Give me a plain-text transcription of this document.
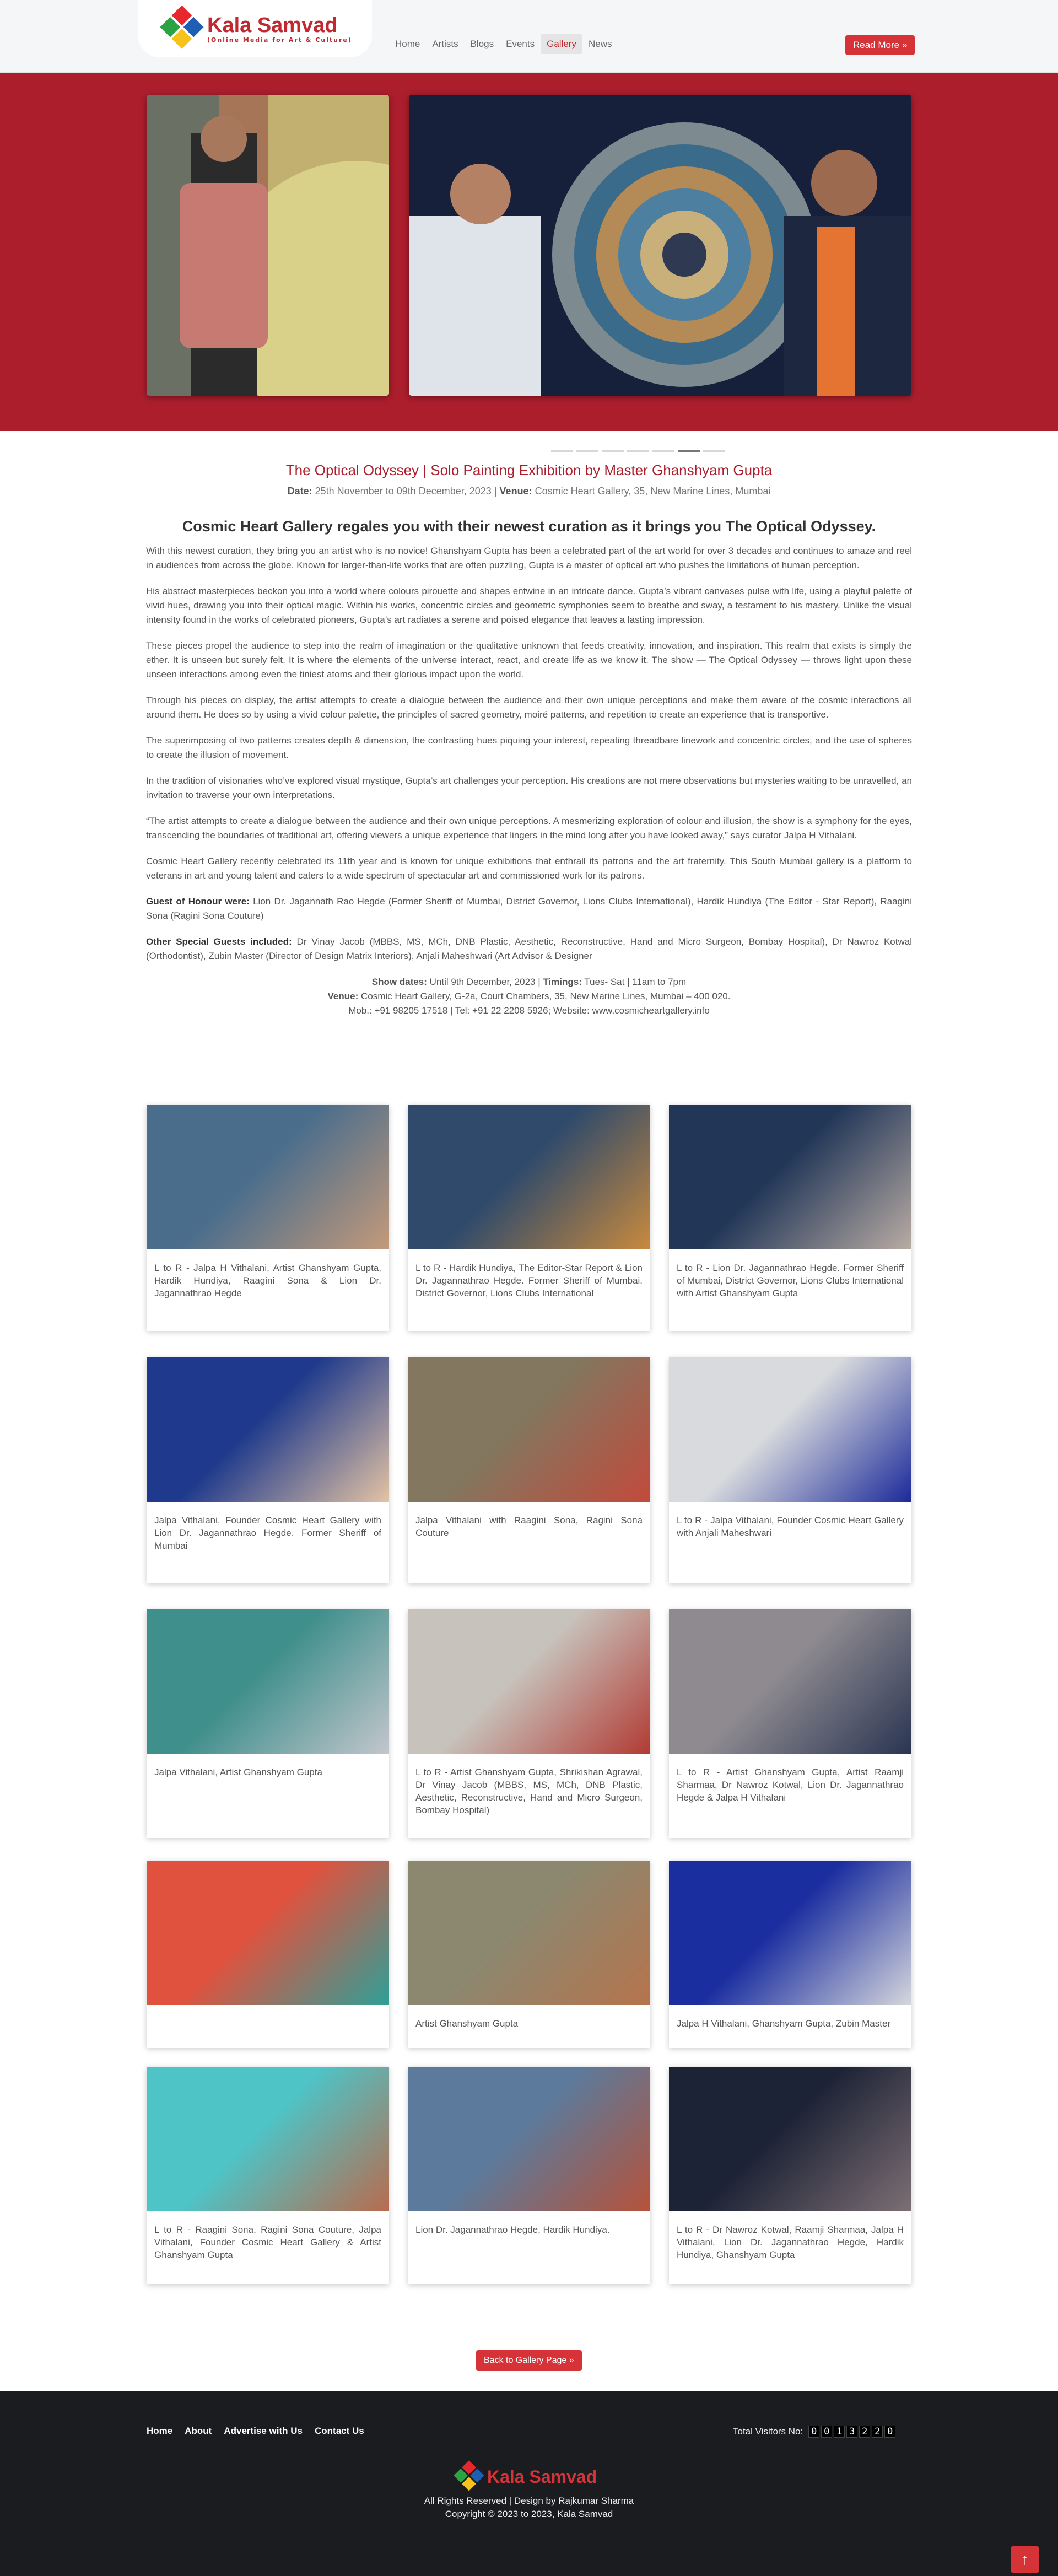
Kala Samvad
(Online Media for Art & Culture)	Home	Artists	Blogs	Events	Gallery	News	Read More »
The Optical Odyssey | Solo Painting Exhibition by Master Ghanshyam Gupta
Date: 25th November to 09th December, 2023 | Venue: Cosmic Heart Gallery, 35, New Marine Lines, Mumbai
Cosmic Heart Gallery regales you with their newest curation as it brings you The Optical Odyssey.

With this newest curation, they bring you an artist who is no novice! Ghanshyam Gupta has been a celebrated part of the art world for over 3 decades and continues to amaze and reel in audiences from across the globe. Known for larger-than-life works that are often puzzling, Gupta is a master of optical art who pushes the limitations of human perception.

His abstract masterpieces beckon you into a world where colours pirouette and shapes entwine in an intricate dance. Gupta’s vibrant canvases pulse with life, using a playful palette of vivid hues, drawing you into their optical magic. Within his works, concentric circles and geometric symphonies seem to breathe and sway, a testament to his mastery. Unlike the visual intensity found in the works of celebrated pioneers, Gupta’s art radiates a serene and poised elegance that leaves a lasting impression.

These pieces propel the audience to step into the realm of imagination or the qualitative unknown that feeds creativity, innovation, and inspiration. This realm that exists is simply the ether. It is unseen but surely felt. It is where the elements of the universe interact, react, and create life as we know it. The show — The Optical Odyssey — throws light upon these unseen interactions among even the tiniest atoms and their glorious impact upon the world.

Through his pieces on display, the artist attempts to create a dialogue between the audience and their own unique perceptions and make them aware of the cosmic interactions all around them. He does so by using a vivid colour palette, the principles of sacred geometry, moiré patterns, and repetition to create an experience that is transportive.

The superimposing of two patterns creates depth & dimension, the contrasting hues piquing your interest, repeating threadbare linework and concentric circles, and the use of spheres to create the illusion of movement.

In the tradition of visionaries who’ve explored visual mystique, Gupta’s art challenges your perception. His creations are not mere observations but mysteries waiting to be unravelled, an invitation to traverse your own interpretations.

“The artist attempts to create a dialogue between the audience and their own unique perceptions. A mesmerizing exploration of colour and illusion, the show is a symphony for the eyes, transcending the boundaries of traditional art, offering viewers a unique experience that lingers in the mind long after you have looked away,” says curator Jalpa H Vithalani.

Cosmic Heart Gallery recently celebrated its 11th year and is known for unique exhibitions that enthrall its patrons and the art fraternity. This South Mumbai gallery is a platform to veterans in art and young talent and caters to a wide spectrum of spectacular art and commissioned work for its patrons.

Guest of Honour were: Lion Dr. Jagannath Rao Hegde (Former Sheriff of Mumbai, District Governor, Lions Clubs International), Hardik Hundiya (The Editor - Star Report), Raagini Sona (Ragini Sona Couture)

Other Special Guests included: Dr Vinay Jacob (MBBS, MS, MCh, DNB Plastic, Aesthetic, Reconstructive, Hand and Micro Surgeon, Bombay Hospital), Dr Nawroz Kotwal (Orthodontist), Zubin Master (Director of Design Matrix Interiors), Anjali Maheshwari (Art Advisor & Designer

Show dates: Until 9th December, 2023 | Timings: Tues- Sat | 11am to 7pm
Venue: Cosmic Heart Gallery, G-2a, Court Chambers, 35, New Marine Lines, Mumbai – 400 020.
Mob.: +91 98205 17518 | Tel: +91 22 2208 5926; Website: www.cosmicheartgallery.info
L to R - Jalpa H Vithalani, Artist Ghanshyam Gupta, Hardik Hundiya, Raagini Sona & Lion Dr. Jagannathrao Hegde
L to R - Hardik Hundiya, The Editor-Star Report & Lion Dr. Jagannathrao Hegde. Former Sheriff of Mumbai. District Governor, Lions Clubs International
L to R - Lion Dr. Jagannathrao Hegde. Former Sheriff of Mumbai, District Governor, Lions Clubs International with Artist Ghanshyam Gupta
Jalpa Vithalani, Founder Cosmic Heart Gallery with Lion Dr. Jagannathrao Hegde. Former Sheriff of Mumbai
Jalpa Vithalani with Raagini Sona, Ragini Sona Couture
L to R - Jalpa Vithalani, Founder Cosmic Heart Gallery with Anjali Maheshwari
Jalpa Vithalani, Artist Ghanshyam Gupta	L to R - Artist Ghanshyam Gupta, Shrikishan Agrawal, Dr Vinay Jacob (MBBS, MS, MCh, DNB Plastic, Aesthetic, Reconstructive, Hand and Micro Surgeon, Bombay Hospital)
L to R - Artist Ghanshyam Gupta, Artist Raamji Sharmaa, Dr Nawroz Kotwal, Lion Dr. Jagannathrao Hegde & Jalpa H Vithalani
Artist Ghanshyam Gupta	Jalpa H Vithalani, Ghanshyam Gupta, Zubin Master
L to R - Raagini Sona, Ragini Sona Couture, Jalpa Vithalani, Founder Cosmic Heart Gallery & Artist Ghanshyam Gupta
Lion Dr. Jagannathrao Hegde, Hardik Hundiya.	L to R - Dr Nawroz Kotwal, Raamji Sharmaa, Jalpa H Vithalani, Lion Dr. Jagannathrao Hegde, Hardik Hundiya, Ghanshyam Gupta
Back to Gallery Page »
Home About Advertise with Us Contact Us	Total Visitors No: 0 0 1 3 2 2 0
Kala Samvad
All Rights Reserved | Design by Rajkumar Sharma
Copyright © 2023 to 2023, Kala Samvad
↑
